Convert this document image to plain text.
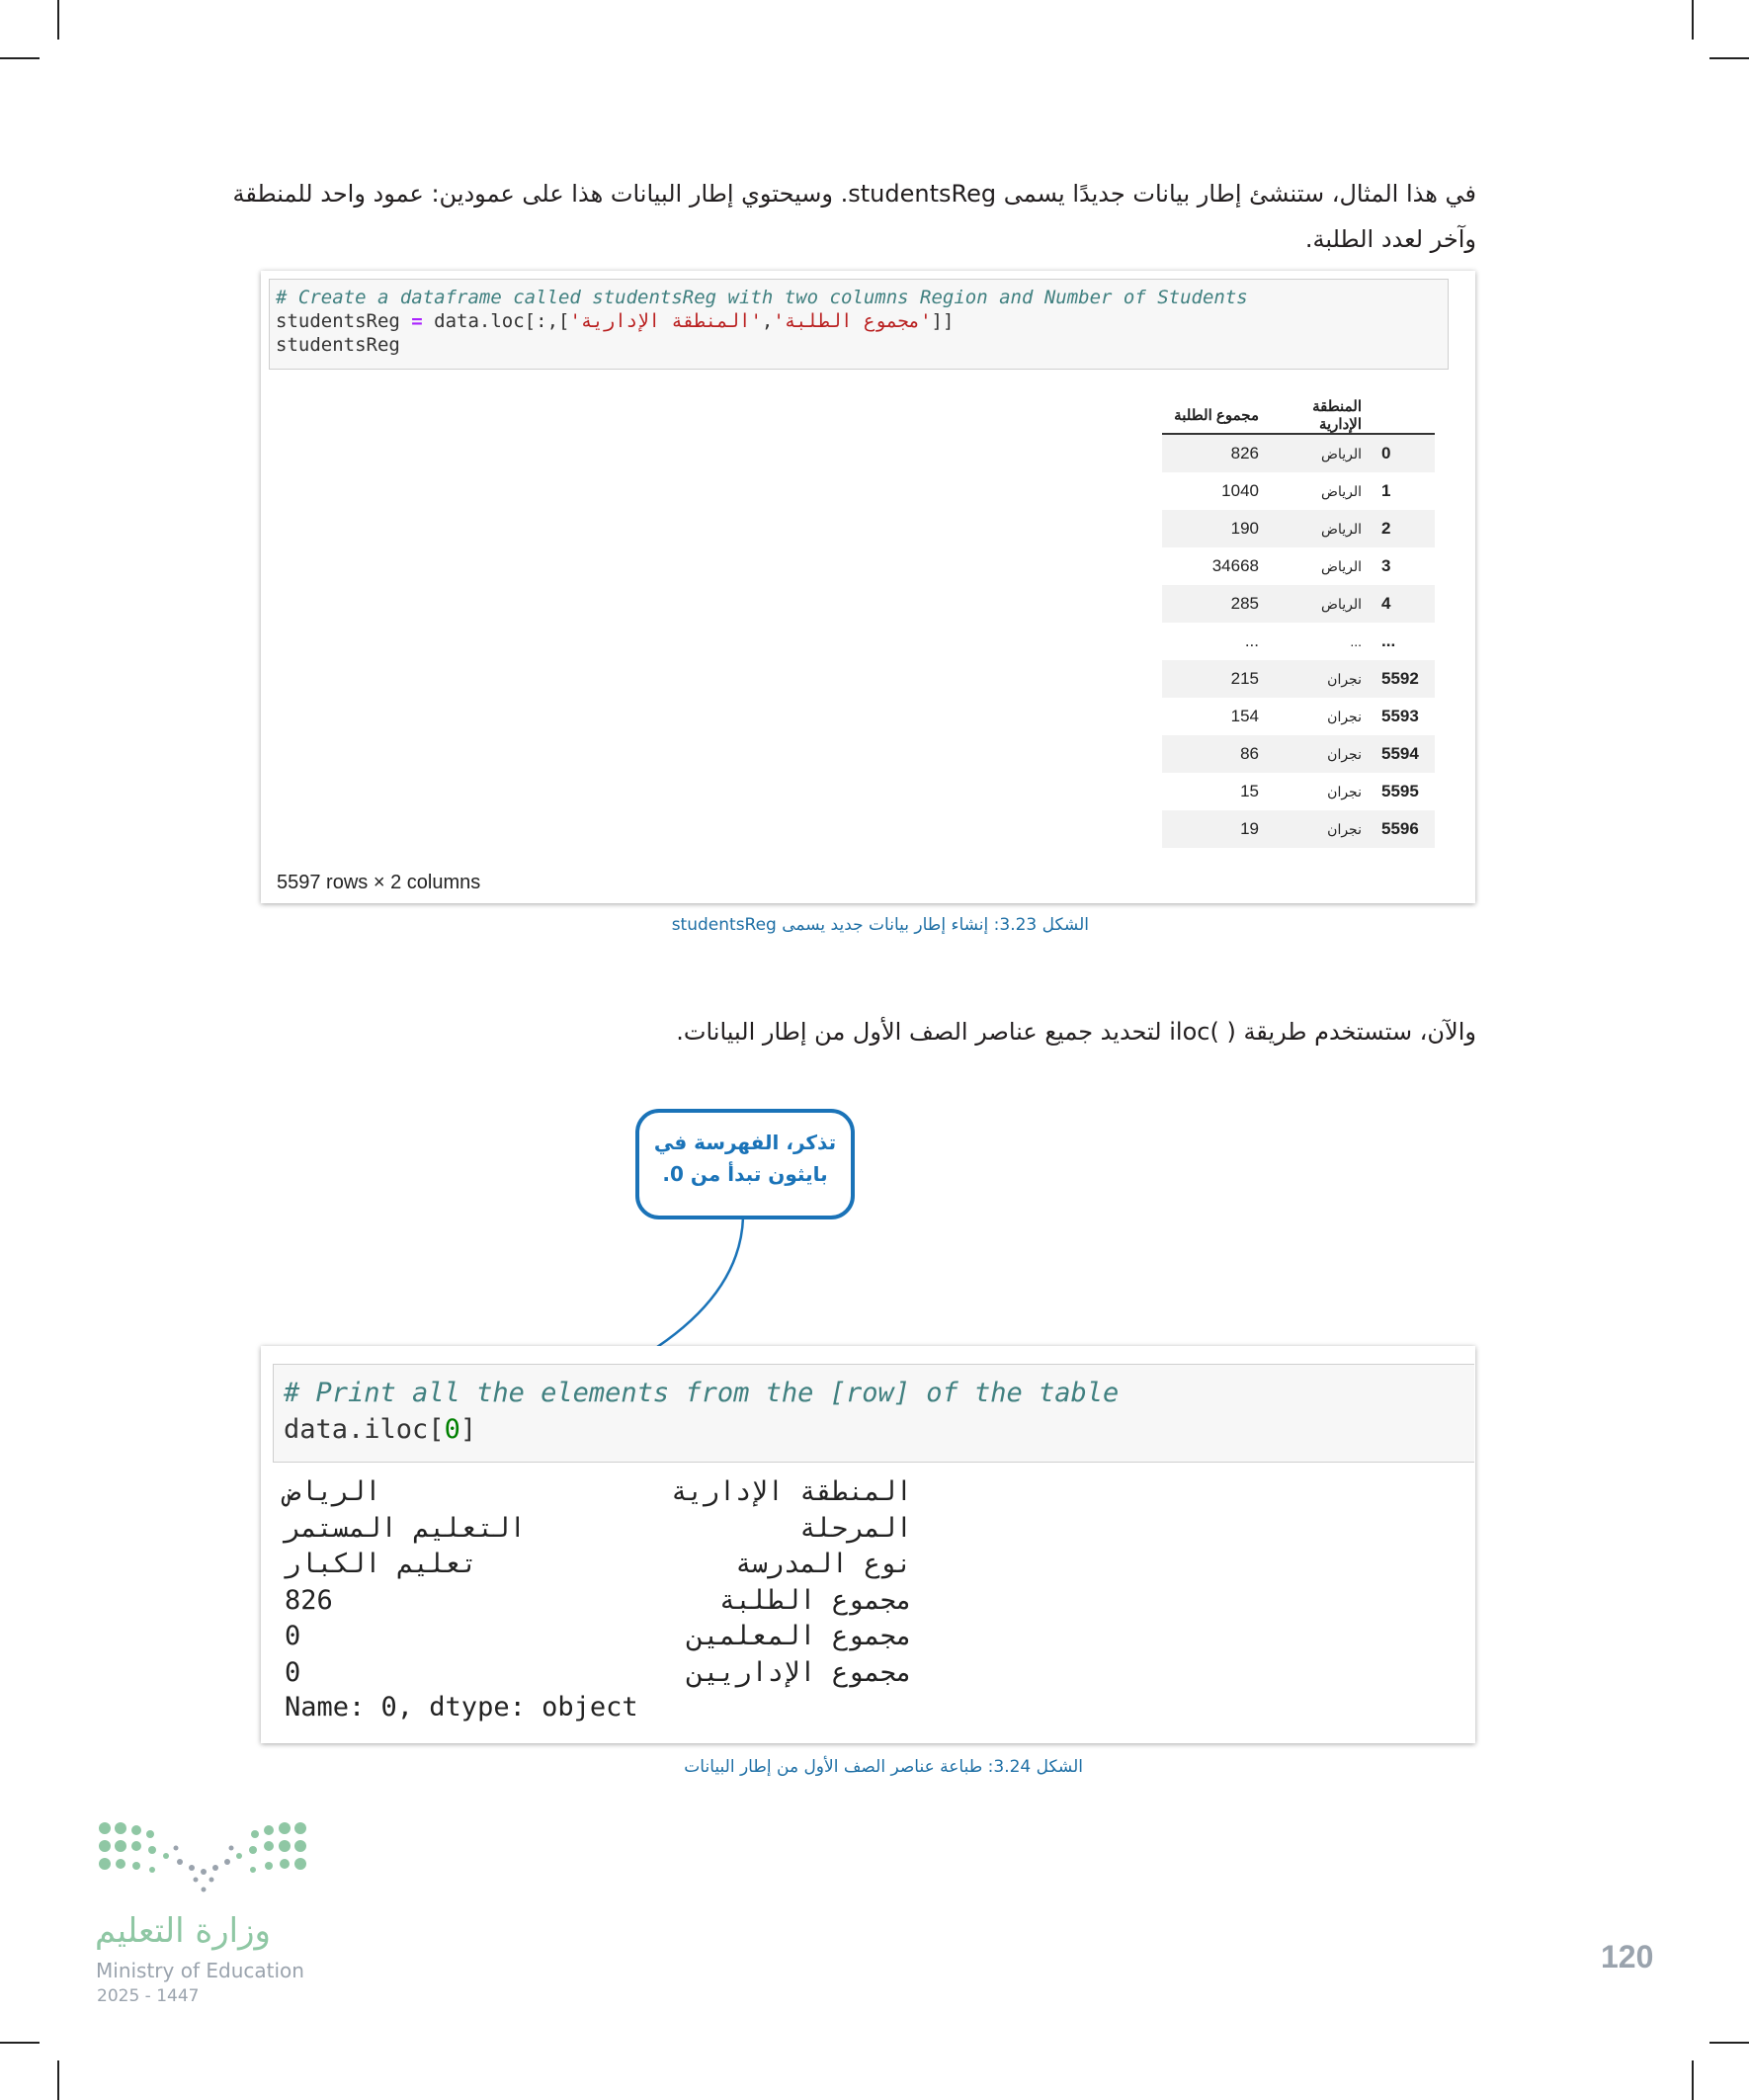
في هذا المثال، ستنشئ إطار بيانات جديدًا يسمى studentsReg. وسيحتوي إطار البيانات هذا على عمودين: عمود واحد للمنطقة
وآخر لعدد الطلبة.
# Create a dataframe called studentsReg with two columns Region and Number of Students
studentsReg = data.loc[:,['المنطقة الإدارية','مجموع الطلبة']]
studentsReg
مجموع الطلبة	المنطقة الإدارية	
826	الرياض	0
1040	الرياض	1
190	الرياض	2
34668	الرياض	3
285	الرياض	4
...	...	...
215	نجران	5592
154	نجران	5593
86	نجران	5594
15	نجران	5595
19	نجران	5596
5597 rows × 2 columns
الشكل 3.23: إنشاء إطار بيانات جديد يسمى studentsReg
والآن، ستستخدم طريقة ( )iloc لتحديد جميع عناصر الصف الأول من إطار البيانات.
تذكر، الفهرسة في
بايثون تبدأ من 0.
# Print all the elements from the [row] of the table
data.iloc[0]
الرياض	المنطقة الإدارية
التعليم المستمر	المرحلة
تعليم الكبار	نوع المدرسة
826	مجموع الطلبة
0	مجموع المعلمين
0	مجموع الإداريين
Name: 0, dtype: object
الشكل 3.24: طباعة عناصر الصف الأول من إطار البيانات
وزارة التعليم
Ministry of Education
2025 - 1447
120
